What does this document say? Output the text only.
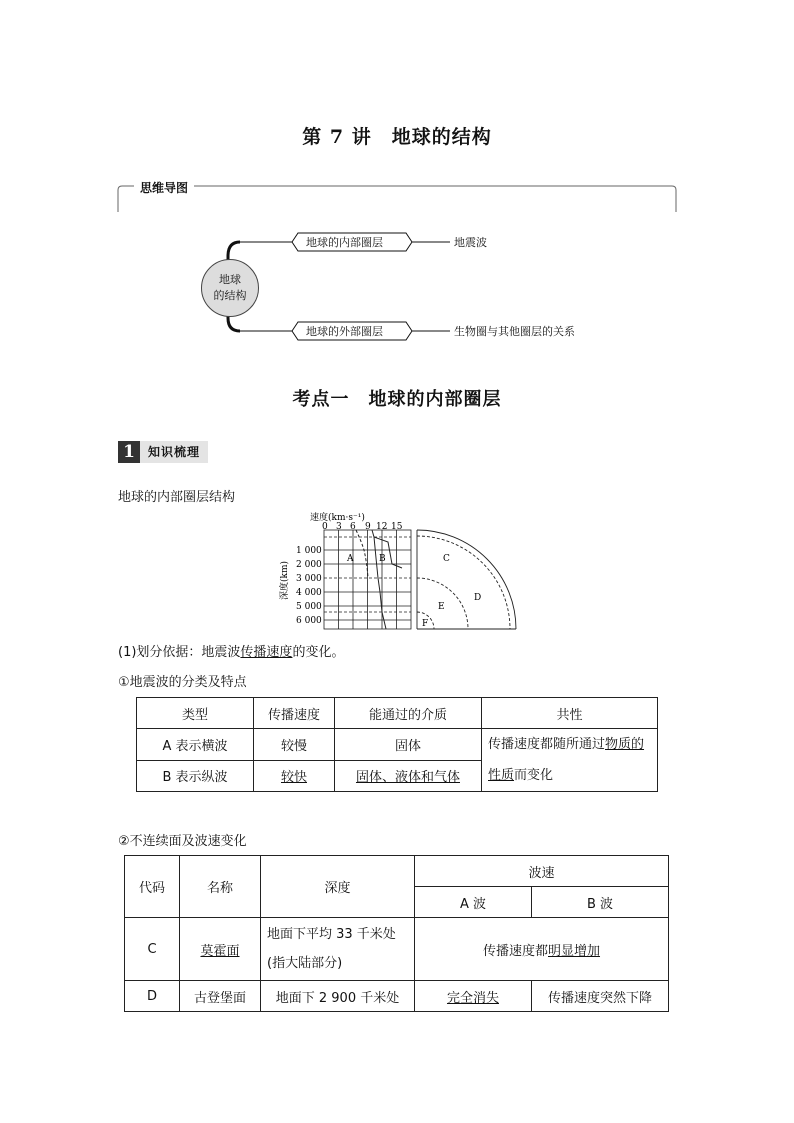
第 7 讲　地球的结构
思维导图
地球
的结构
地球的内部圈层	地震波
地球的外部圈层	生物圈与其他圈层的关系
考点一　地球的内部圈层
1	知识梳理
地球的内部圈层结构
速度(km·s⁻¹)
0 3 6 9 12 15
1 000
2 000
3 000
4 000
5 000
6 000
深度(km)
A	B	C
D
E
F
(1)划分依据：地震波传播速度的变化。
①地震波的分类及特点
类型	传播速度	能通过的介质	共性
A 表示横波	较慢	固体	传播速度都随所通过物质的
性质而变化
B 表示纵波	较快	固体、液体和气体	
②不连续面及波速变化
代码	名称	深度	波速	
			A 波	B 波
C	莫霍面	地面下平均 33 千米处
(指大陆部分)	传播速度都明显增加	
D	古登堡面	地面下 2 900 千米处	完全消失	传播速度突然下降
